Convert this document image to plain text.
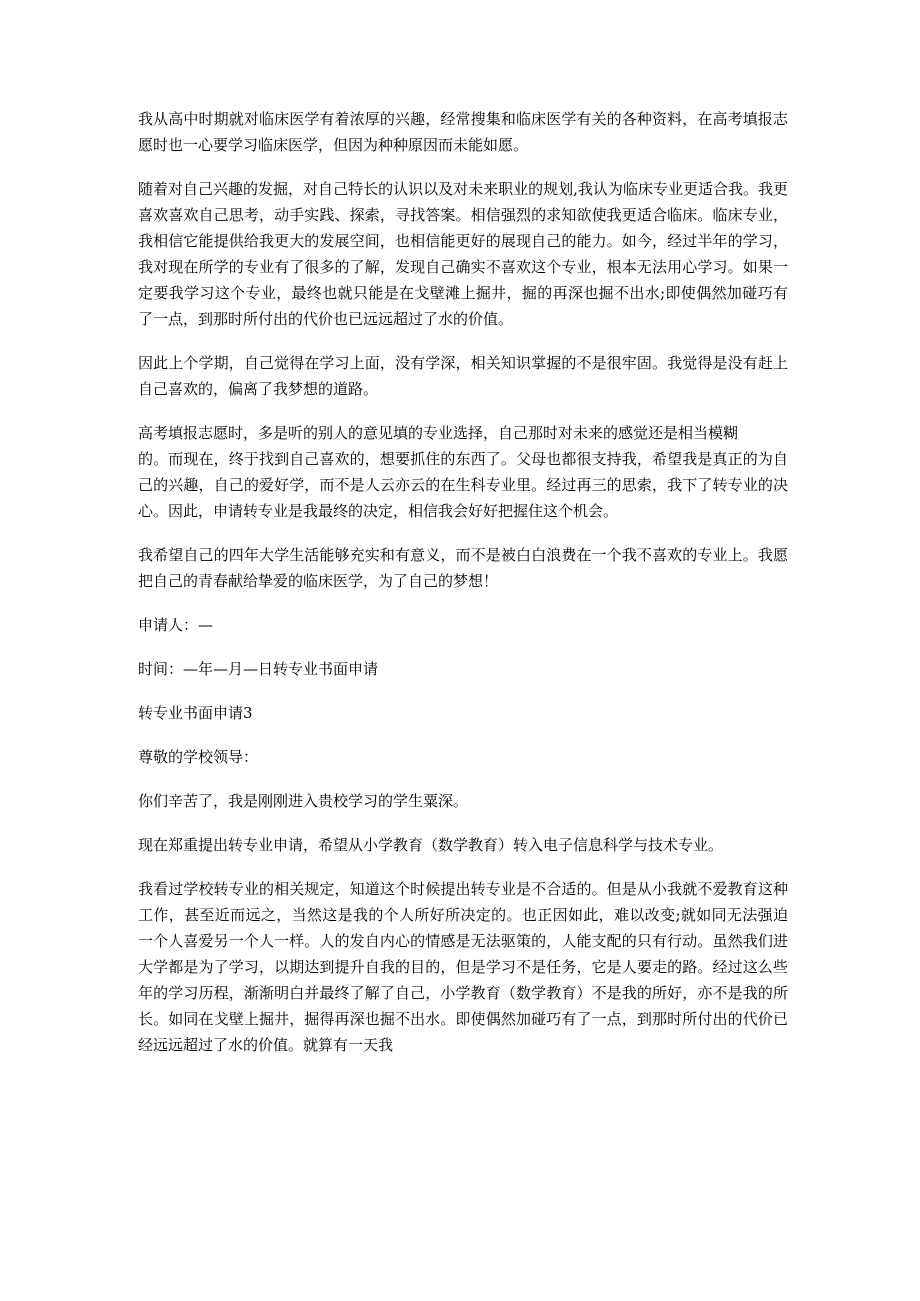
我从高中时期就对临床医学有着浓厚的兴趣，经常搜集和临床医学有关的各种资料，在高考填报志愿时也一心要学习临床医学，但因为种种原因而未能如愿。

随着对自己兴趣的发掘，对自己特长的认识以及对未来职业的规划,我认为临床专业更适合我。我更喜欢喜欢自己思考，动手实践、探索，寻找答案。相信强烈的求知欲使我更适合临床。临床专业，我相信它能提供给我更大的发展空间，也相信能更好的展现自己的能力。如今，经过半年的学习，我对现在所学的专业有了很多的了解，发现自己确实不喜欢这个专业，根本无法用心学习。如果一定要我学习这个专业，最终也就只能是在戈壁滩上掘井，掘的再深也掘不出水;即使偶然加碰巧有了一点，到那时所付出的代价也已远远超过了水的价值。

因此上个学期，自己觉得在学习上面，没有学深，相关知识掌握的不是很牢固。我觉得是没有赶上自己喜欢的，偏离了我梦想的道路。

高考填报志愿时，多是听的别人的意见填的专业选择，自己那时对未来的感觉还是相当模糊
的。而现在，终于找到自己喜欢的，想要抓住的东西了。父母也都很支持我，希望我是真正的为自己的兴趣，自己的爱好学，而不是人云亦云的在生科专业里。经过再三的思索，我下了转专业的决心。因此，申请转专业是我最终的决定，相信我会好好把握住这个机会。

我希望自己的四年大学生活能够充实和有意义，而不是被白白浪费在一个我不喜欢的专业上。我愿把自己的青春献给挚爱的临床医学，为了自己的梦想！

申请人：—

时间：—年—月—日转专业书面申请

转专业书面申请3

尊敬的学校领导：

你们辛苦了，我是刚刚进入贵校学习的学生粟深。

现在郑重提出转专业申请，希望从小学教育（数学教育）转入电子信息科学与技术专业。

我看过学校转专业的相关规定，知道这个时候提出转专业是不合适的。但是从小我就不爱教育这种工作，甚至近而远之，当然这是我的个人所好所决定的。也正因如此，难以改变;就如同无法强迫一个人喜爱另一个人一样。人的发自内心的情感是无法驱策的，人能支配的只有行动。虽然我们进大学都是为了学习，以期达到提升自我的目的，但是学习不是任务，它是人要走的路。经过这么些年的学习历程，渐渐明白并最终了解了自己，小学教育（数学教育）不是我的所好，亦不是我的所长。如同在戈壁上掘井，掘得再深也掘不出水。即使偶然加碰巧有了一点，到那时所付出的代价已经远远超过了水的价值。就算有一天我
